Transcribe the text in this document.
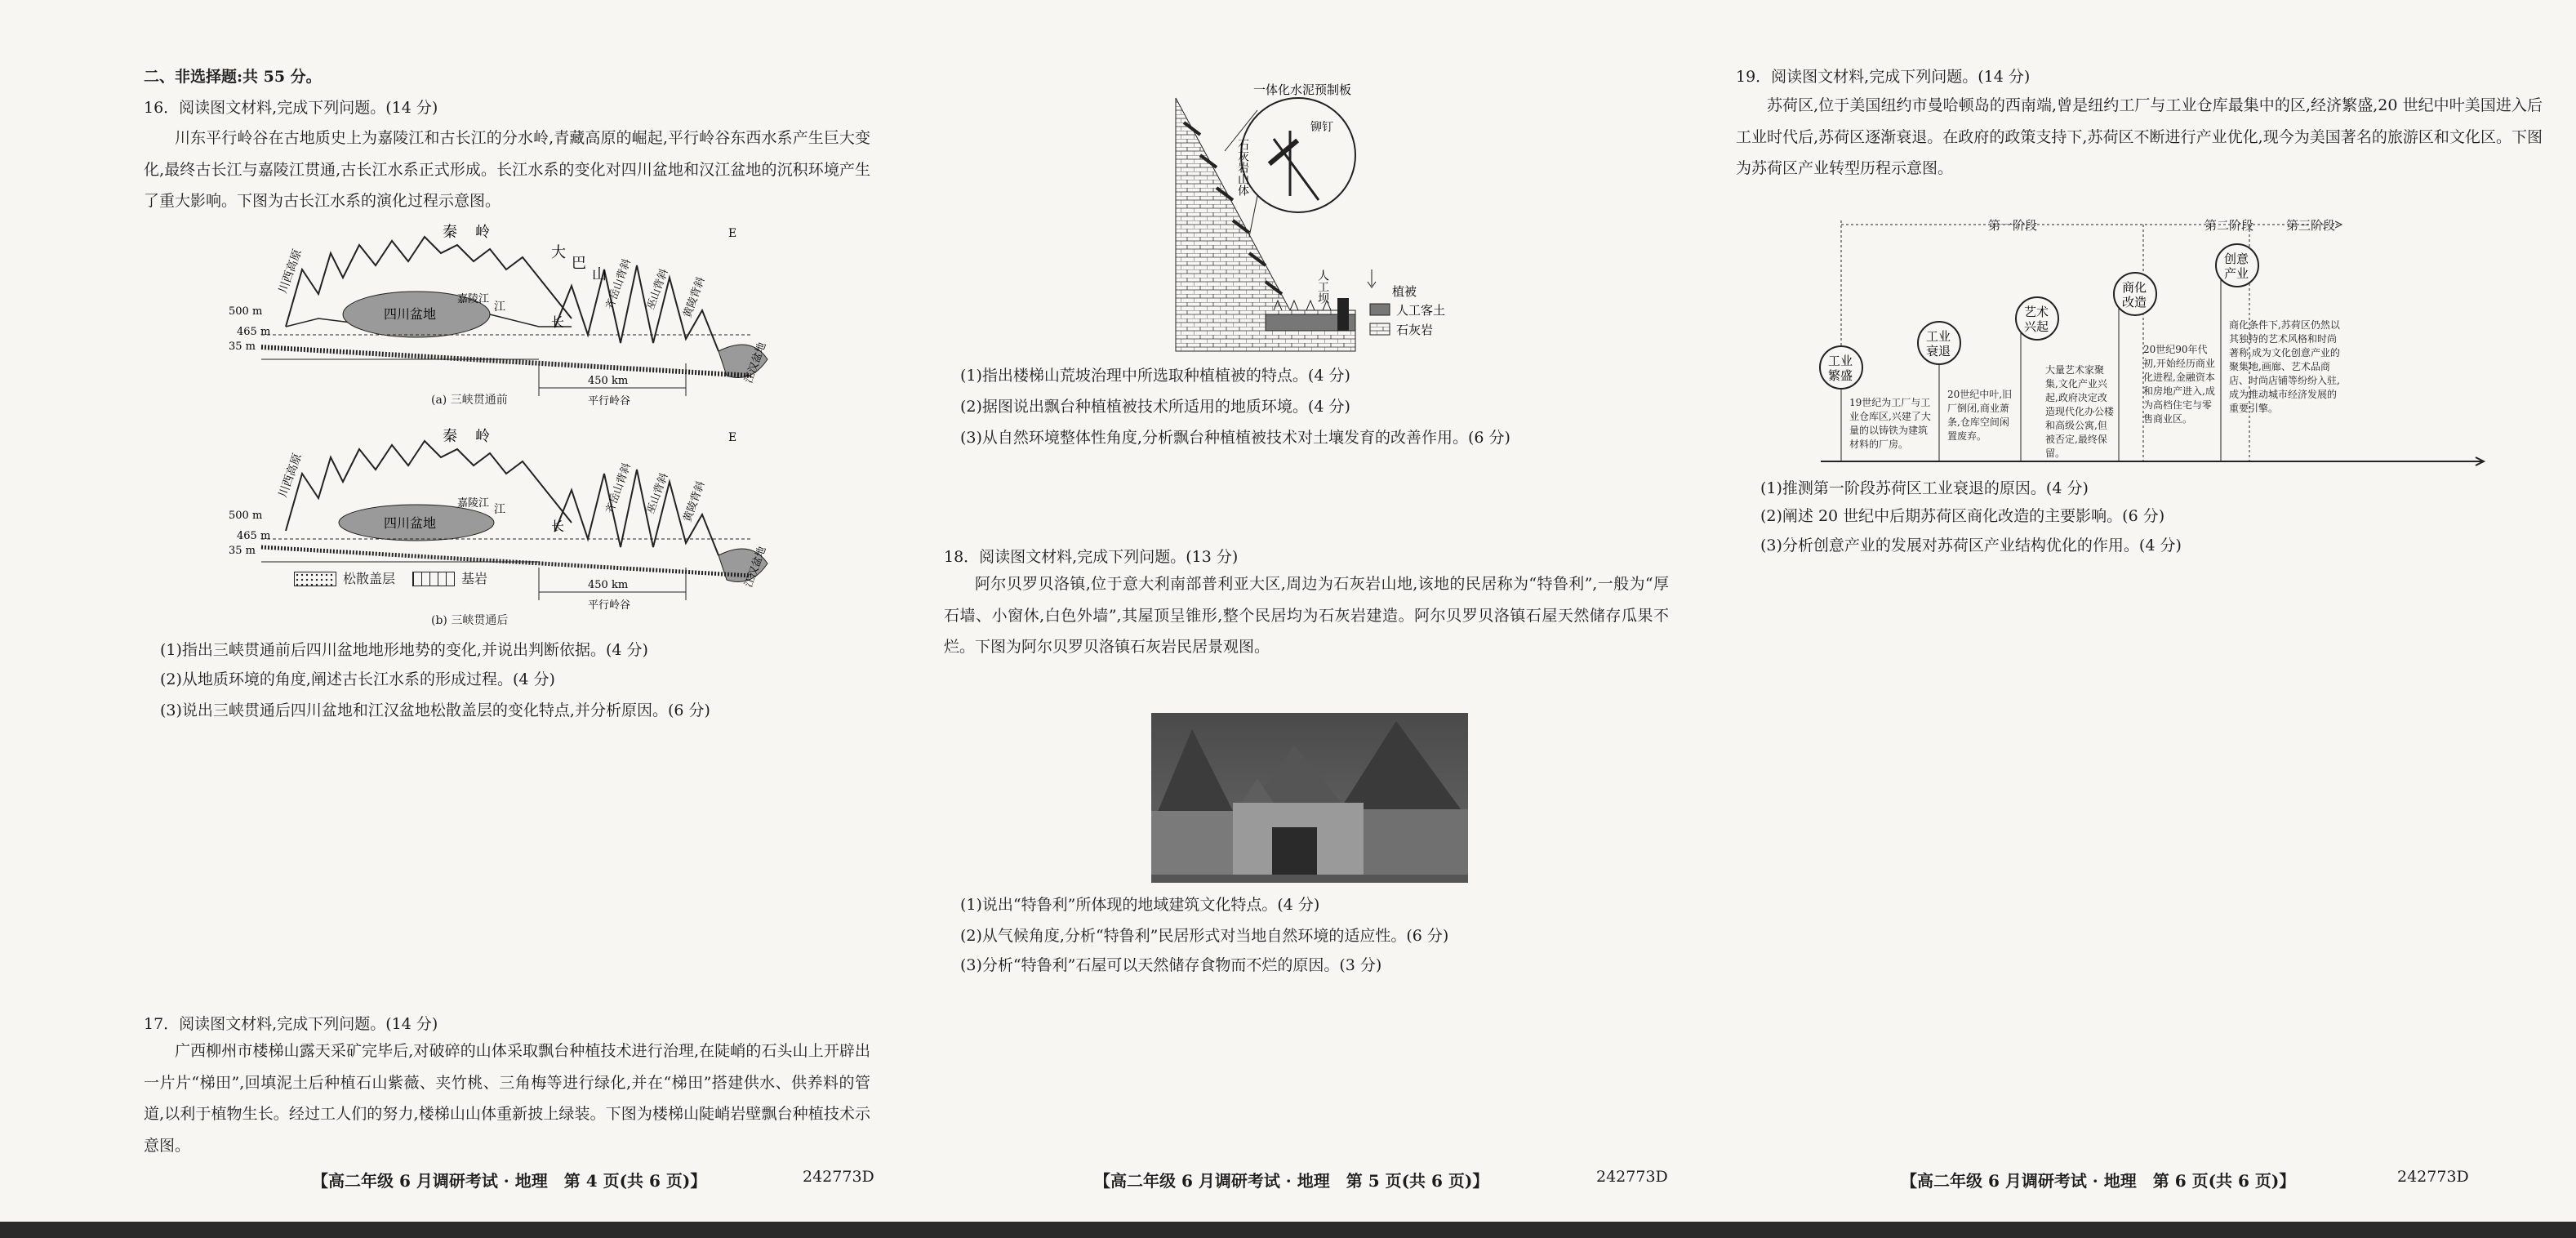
二、非选择题:共 55 分。
16．阅读图文材料,完成下列问题。(14 分)
川东平行岭谷在古地质史上为嘉陵江和古长江的分水岭,青藏高原的崛起,平行岭谷东西水系产生巨大变化,最终古长江与嘉陵江贯通,古长江水系正式形成。长江水系的变化对四川盆地和汉江盆地的沉积环境产生了重大影响。下图为古长江水系的演化过程示意图。
秦 岭
大
巴
山
川西高原
四川盆地
嘉陵江
江
长
齐岳山背斜 巫山背斜 黄陵背斜
江汉盆地
E
500 m
465 m
35 m
450 km
平行岭谷
(a) 三峡贯通前
秦 岭
川西高原
四川盆地
嘉陵江 江
长
齐岳山背斜 巫山背斜 黄陵背斜
江汉盆地
E
500 m
465 m
35 m
450 km
平行岭谷
松散盖层	基岩
(b) 三峡贯通后
(1)指出三峡贯通前后四川盆地地形地势的变化,并说出判断依据。(4 分)
(2)从地质环境的角度,阐述古长江水系的形成过程。(4 分)
(3)说出三峡贯通后四川盆地和江汉盆地松散盖层的变化特点,并分析原因。(6 分)
17．阅读图文材料,完成下列问题。(14 分)
广西柳州市楼梯山露天采矿完毕后,对破碎的山体采取飘台种植技术进行治理,在陡峭的石头山上开辟出一片片“梯田”,回填泥土后种植石山紫薇、夹竹桃、三角梅等进行绿化,并在“梯田”搭建供水、供养料的管道,以利于植物生长。经过工人们的努力,楼梯山山体重新披上绿装。下图为楼梯山陡峭岩壁飘台种植技术示意图。
【高二年级 6 月调研考试 · 地理　第 4 页(共 6 页)】	242773D
一体化水泥预制板
铆钉
石灰岩山体
人工坝	植被
人工客土
石灰岩
(1)指出楼梯山荒坡治理中所选取种植植被的特点。(4 分)
(2)据图说出飘台种植植被技术所适用的地质环境。(4 分)
(3)从自然环境整体性角度,分析飘台种植植被技术对土壤发育的改善作用。(6 分)
18．阅读图文材料,完成下列问题。(13 分)
阿尔贝罗贝洛镇,位于意大利南部普利亚大区,周边为石灰岩山地,该地的民居称为“特鲁利”,一般为“厚石墙、小窗休,白色外墙”,其屋顶呈锥形,整个民居均为石灰岩建造。阿尔贝罗贝洛镇石屋天然储存瓜果不烂。下图为阿尔贝罗贝洛镇石灰岩民居景观图。
(1)说出“特鲁利”所体现的地域建筑文化特点。(4 分)
(2)从气候角度,分析“特鲁利”民居形式对当地自然环境的适应性。(6 分)
(3)分析“特鲁利”石屋可以天然储存食物而不烂的原因。(3 分)
【高二年级 6 月调研考试 · 地理　第 5 页(共 6 页)】	242773D
19．阅读图文材料,完成下列问题。(14 分)
苏荷区,位于美国纽约市曼哈顿岛的西南端,曾是纽约工厂与工业仓库最集中的区,经济繁盛,20 世纪中叶美国进入后工业时代后,苏荷区逐渐衰退。在政府的政策支持下,苏荷区不断进行产业优化,现今为美国著名的旅游区和文化区。下图为苏荷区产业转型历程示意图。
第一阶段	第二阶段	第三阶段
工业
繁盛
工业
衰退
艺术
兴起
商化
改造
创意
产业
19世纪为工厂与工业仓库区,兴建了大量的以铸铁为建筑材料的厂房。
20世纪中叶,旧厂倒闭,商业萧条,仓库空间闲置废弃。
大量艺术家聚集,文化产业兴起,政府决定改造现代化办公楼和高级公寓,但被否定,最终保留。
20世纪90年代初,开始经历商业化进程,金融资本和房地产进入,成为高档住宅与零售商业区。
商化条件下,苏荷区仍然以其独特的艺术风格和时尚著称,成为文化创意产业的聚集地,画廊、艺术品商店、时尚店铺等纷纷入驻,成为推动城市经济发展的重要引擎。
(1)推测第一阶段苏荷区工业衰退的原因。(4 分)
(2)阐述 20 世纪中后期苏荷区商化改造的主要影响。(6 分)
(3)分析创意产业的发展对苏荷区产业结构优化的作用。(4 分)
【高二年级 6 月调研考试 · 地理　第 6 页(共 6 页)】	242773D
